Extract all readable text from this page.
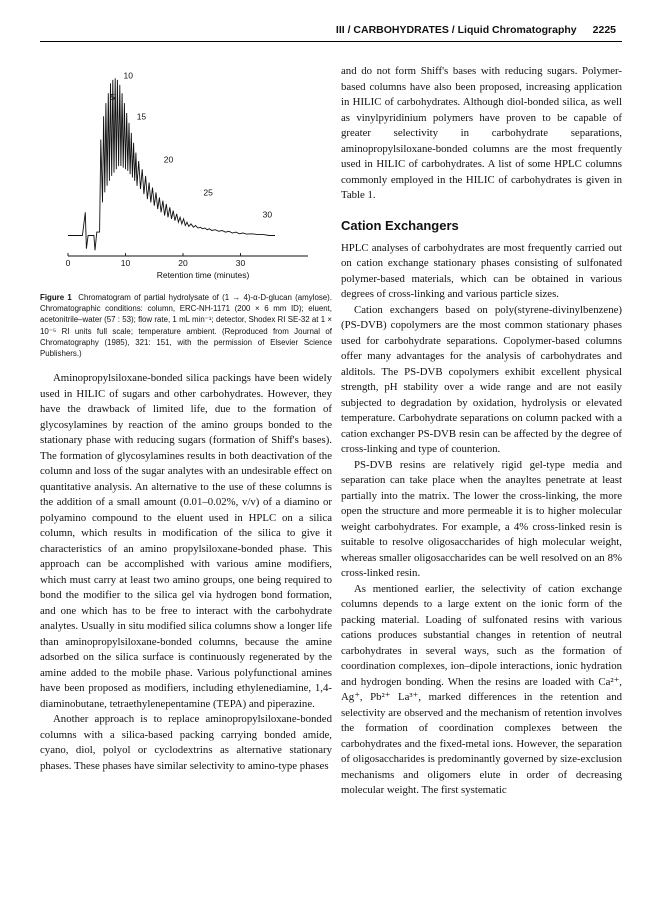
III / CARBOHYDRATES / Liquid Chromatography 2225
0	10	20	30
5
10
15
20
25
30
Retention time (minutes)

Figure 1 Chromatogram of partial hydrolysate of (1 → 4)-α-D-glucan (amylose). Chromatographic conditions: column, ERC-NH-1171 (200 × 6 mm ID); eluent, acetonitrile–water (57 : 53); flow rate, 1 mL min⁻¹; detector, Shodex RI SE-32 at 1 × 10⁻⁵ RI units full scale; temperature ambient. (Reproduced from Journal of Chromatography (1985), 321: 151, with the permission of Elsevier Science Publishers.)

Aminopropylsiloxane-bonded silica packings have been widely used in HILIC of sugars and other carbohydrates. However, they have the drawback of limited life, due to the formation of glycosylamines by reaction of the amino groups bonded to the stationary phase with reducing sugars (formation of Shiff's bases). The formation of glycosylamines results in both deactivation of the column and loss of the sugar analytes with an undesirable effect on quantitative analysis. An alternative to the use of these columns is the addition of a small amount (0.01–0.02%, v/v) of a diamino or polyamino compound to the eluent used in HPLC on a silica column, which results in modification of the silica to give it characteristics of an amino propylsiloxane-bonded phase. This approach can be accomplished with various amine modifiers, which must carry at least two amino groups, one being required to bond the modifier to the silica gel via hydrogen bond formation, and one which has to be free to interact with the carbohydrate analytes. Usually in situ modified silica columns show a longer life than aminopropylsiloxane-bonded columns, because the amine adsorbed on the silica surface is continuously regenerated by the amine added to the mobile phase. Various polyfunctional amines have been proposed as modifiers, including ethylenediamine, 1,4-diaminobutane, tetraethylenepentamine (TEPA) and piperazine.

Another approach is to replace aminopropylsiloxane-bonded columns with a silica-based packing carrying bonded amide, cyano, diol, polyol or cyclodextrins as alternative stationary phases. These phases have similar selectivity to amino-type phases

and do not form Shiff's bases with reducing sugars. Polymer-based columns have also been proposed, increasing application in HILIC of carbohydrates. Although diol-bonded silica, as well as vinylpyridinium polymers have proven to be capable of greater selectivity in carbohydrate separations, aminopropylsiloxane-bonded columns are the most frequently used in HILIC of carbohydrates. A list of some HPLC columns commonly employed in the HILIC of carbohydrates is given in Table 1.

Cation Exchangers

HPLC analyses of carbohydrates are most frequently carried out on cation exchange stationary phases consisting of sulfonated polymer-based materials, which can be obtained in various degrees of cross-linking and various particle sizes.

Cation exchangers based on poly(styrene-divinylbenzene) (PS-DVB) copolymers are the most common stationary phases used for carbohydrate separations. Copolymer-based columns offer many advantages for the analysis of carbohydrates and alditols. The PS-DVB copolymers exhibit excellent physical strength, pH stability over a wide range and are not easily subjected to degradation by oxidation, hydrolysis or elevated temperature. Carbohydrate separations on column packed with a cation exchanger PS-DVB resin can be affected by the degree of cross-linking and type of counterion.

PS-DVB resins are relatively rigid gel-type media and separation can take place when the anayltes penetrate at least partially into the matrix. The lower the cross-linking, the more open the structure and more permeable it is to higher molecular weight carbohydrates. For example, a 4% cross-linked resin is suitable to resolve oligosaccharides of high molecular weight, whereas smaller oligosaccharides can be well resolved on an 8% cross-linked resin.

As mentioned earlier, the selectivity of cation exchange columns depends to a large extent on the ionic form of the packing material. Loading of sulfonated resins with various cations produces substantial changes in retention of neutral carbohydrates in several ways, such as the formation of coordination complexes, ion–dipole interactions, ionic hydration and hydrogen bonding. When the resins are loaded with Ca²⁺, Ag⁺, Pb²⁺ La³⁺, marked differences in the retention and selectivity are observed and the mechanism of retention involves the formation of coordination complexes between the carbohydrates and the fixed-metal ions. However, the separation of oligosaccharides is predominantly governed by size-exclusion mechanisms and oligomers elute in order of decreasing molecular weight. The first systematic
